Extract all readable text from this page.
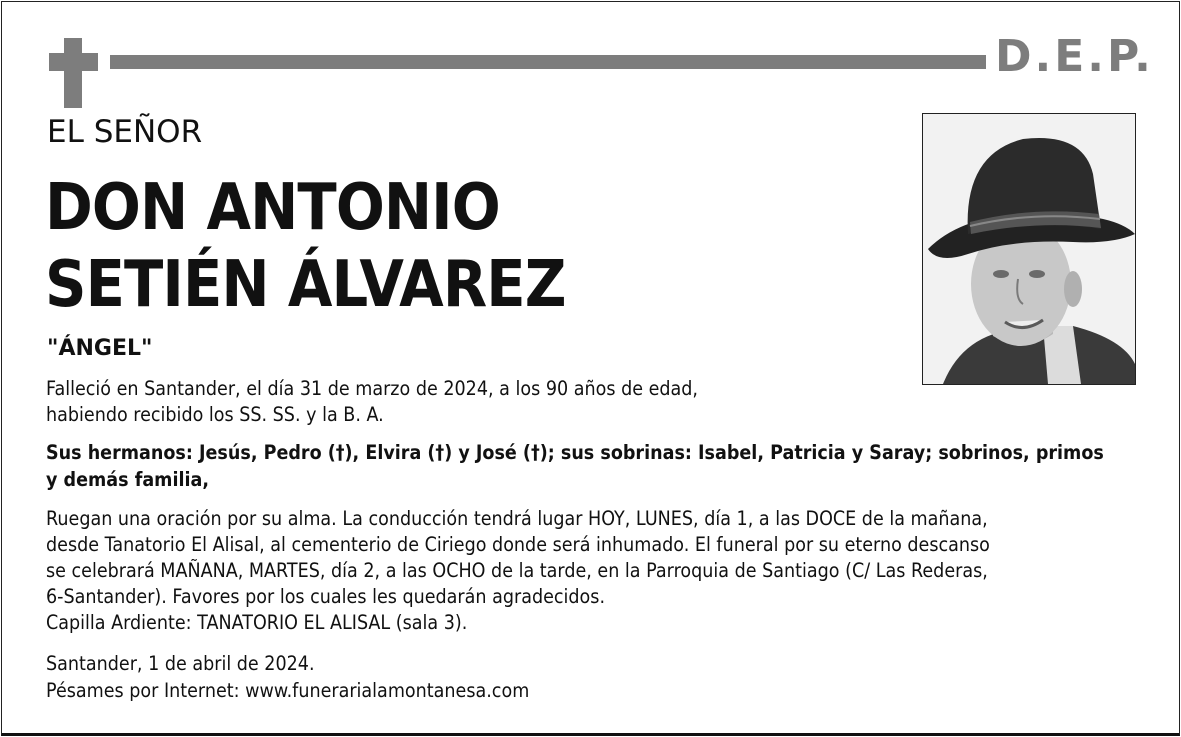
D.E.P.
EL SEÑOR
DON ANTONIO
SETIÉN ÁLVAREZ
"ÁNGEL"
Falleció en Santander, el día 31 de marzo de 2024, a los 90 años de edad,
habiendo recibido los SS. SS. y la B. A.
Sus hermanos: Jesús, Pedro (†), Elvira (†) y José (†); sus sobrinas: Isabel, Patricia y Saray; sobrinos, primos
y demás familia,
Ruegan una oración por su alma. La conducción tendrá lugar HOY, LUNES, día 1, a las DOCE de la mañana,
desde Tanatorio El Alisal, al cementerio de Ciriego donde será inhumado. El funeral por su eterno descanso
se celebrará MAÑANA, MARTES, día 2, a las OCHO de la tarde, en la Parroquia de Santiago (C/ Las Rederas,
6-Santander). Favores por los cuales les quedarán agradecidos.
Capilla Ardiente: TANATORIO EL ALISAL (sala 3).
Santander, 1 de abril de 2024.
Pésames por Internet: www.funerarialamontanesa.com
